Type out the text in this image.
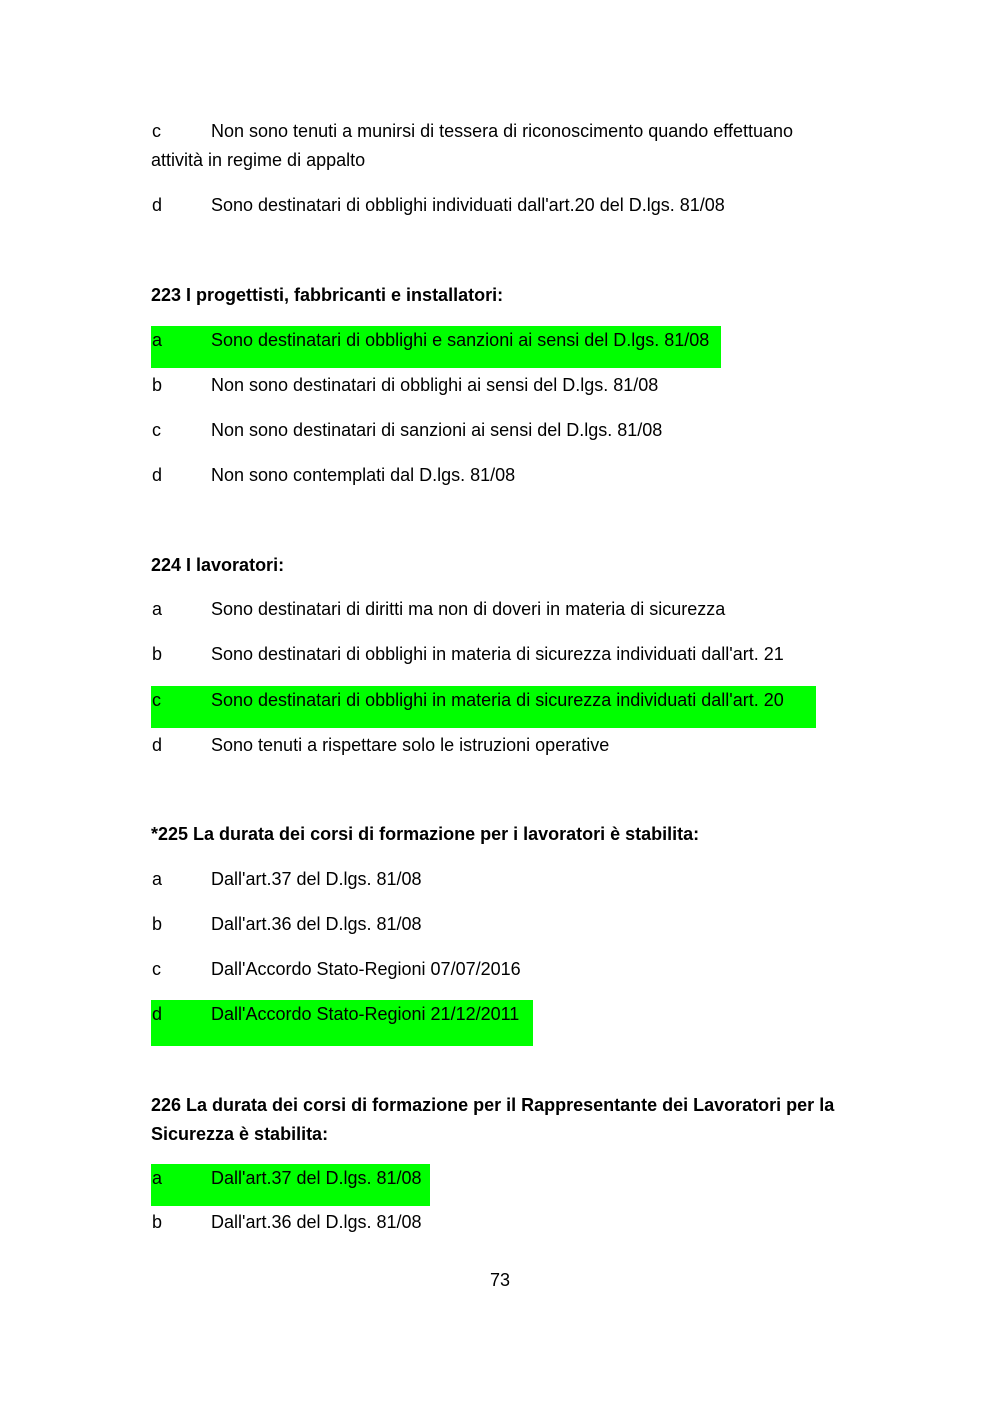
c	Non sono tenuti a munirsi di tessera di riconoscimento quando effettuano
attività in regime di appalto
d	Sono destinatari di obblighi individuati dall'art.20 del D.lgs. 81/08
223 I progettisti, fabbricanti e installatori:
a	Sono destinatari di obblighi e sanzioni ai sensi del D.lgs. 81/08
b	Non sono destinatari di obblighi ai sensi del D.lgs. 81/08
c	Non sono destinatari di sanzioni ai sensi del D.lgs. 81/08
d	Non sono contemplati dal D.lgs. 81/08
224 I lavoratori:
a	Sono destinatari di diritti ma non di doveri in materia di sicurezza
b	Sono destinatari di obblighi in materia di sicurezza individuati dall'art. 21
c	Sono destinatari di obblighi in materia di sicurezza individuati dall'art. 20
d	Sono tenuti a rispettare solo le istruzioni operative
*225 La durata dei corsi di formazione per i lavoratori è stabilita:
a	Dall'art.37 del D.lgs. 81/08
b	Dall'art.36 del D.lgs. 81/08
c	Dall'Accordo Stato-Regioni 07/07/2016
d	Dall'Accordo Stato-Regioni 21/12/2011
226 La durata dei corsi di formazione per il Rappresentante dei Lavoratori per la
Sicurezza è stabilita:
a	Dall'art.37 del D.lgs. 81/08
b	Dall'art.36 del D.lgs. 81/08
73
